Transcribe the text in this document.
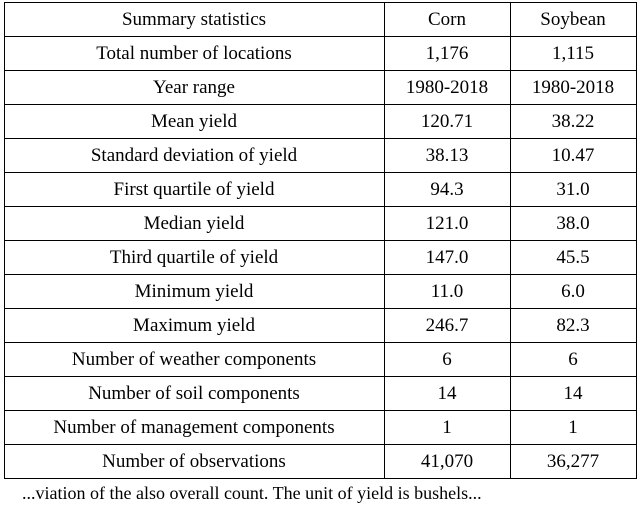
Summary statistics	Corn	Soybean
Total number of locations	1,176	1,115
Year range	1980-2018	1980-2018
Mean yield	120.71	38.22
Standard deviation of yield	38.13	10.47
First quartile of yield	94.3	31.0
Median yield	121.0	38.0
Third quartile of yield	147.0	45.5
Minimum yield	11.0	6.0
Maximum yield	246.7	82.3
Number of weather components	6	6
Number of soil components	14	14
Number of management components	1	1
Number of observations	41,070	36,277
...viation of the also overall count. The unit of yield is bushels...
